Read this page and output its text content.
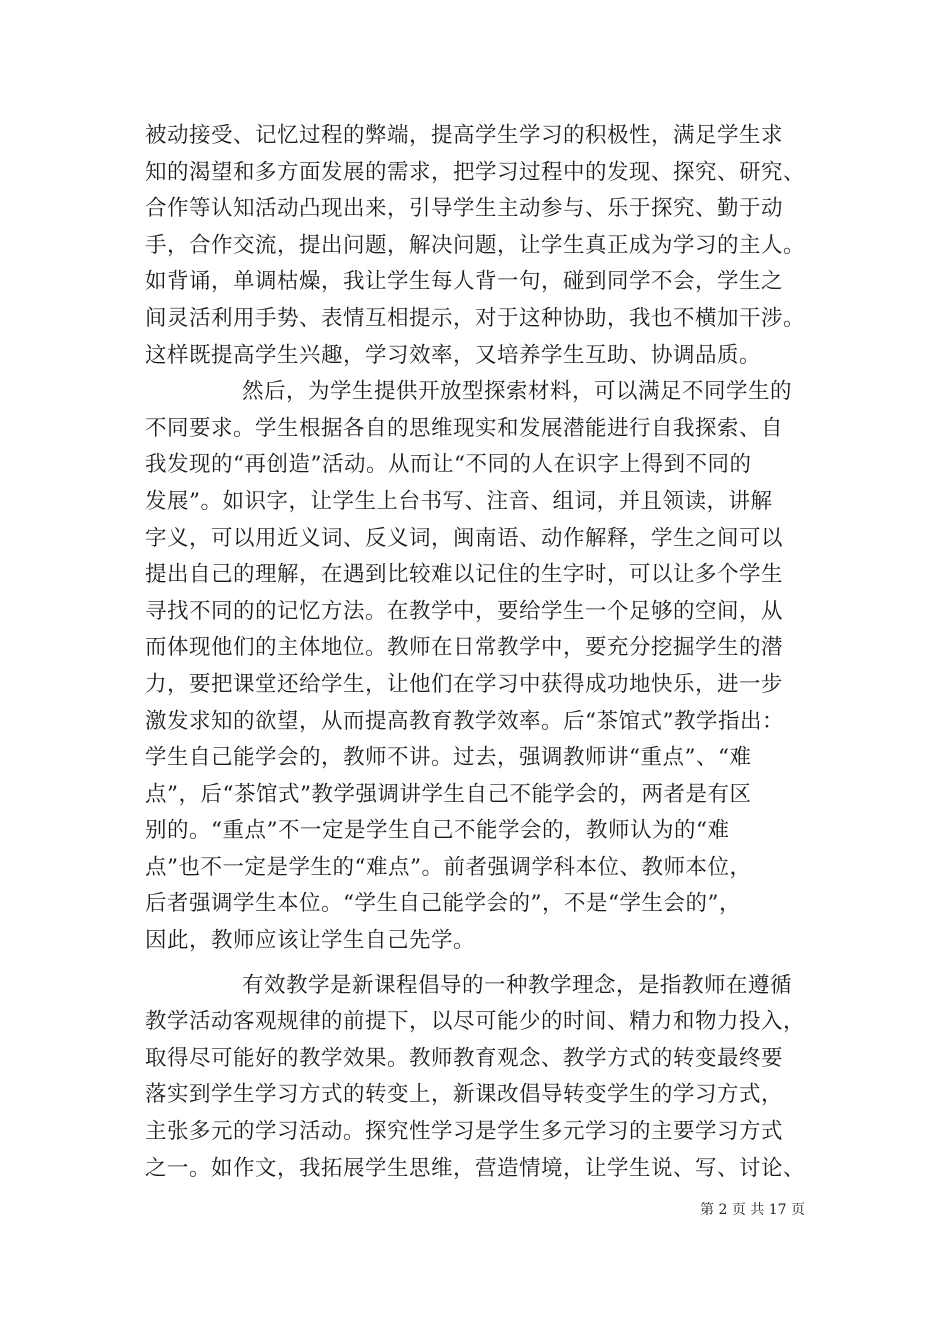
被动接受、记忆过程的弊端，提高学生学习的积极性，满足学生求
知的渴望和多方面发展的需求，把学习过程中的发现、探究、研究、
合作等认知活动凸现出来，引导学生主动参与、乐于探究、勤于动
手，合作交流，提出问题，解决问题，让学生真正成为学习的主人。
如背诵，单调枯燥，我让学生每人背一句，碰到同学不会，学生之
间灵活利用手势、表情互相提示，对于这种协助，我也不横加干涉。
这样既提高学生兴趣，学习效率，又培养学生互助、协调品质。
然后，为学生提供开放型探索材料，可以满足不同学生的
不同要求。学生根据各自的思维现实和发展潜能进行自我探索、自
我发现的“再创造”活动。从而让“不同的人在识字上得到不同的
发展”。如识字，让学生上台书写、注音、组词，并且领读，讲解
字义，可以用近义词、反义词，闽南语、动作解释，学生之间可以
提出自己的理解，在遇到比较难以记住的生字时，可以让多个学生
寻找不同的的记忆方法。在教学中，要给学生一个足够的空间，从
而体现他们的主体地位。教师在日常教学中，要充分挖掘学生的潜
力，要把课堂还给学生，让他们在学习中获得成功地快乐，进一步
激发求知的欲望，从而提高教育教学效率。后“茶馆式”教学指出：
学生自己能学会的，教师不讲。过去，强调教师讲“重点”、“难
点”，后“茶馆式”教学强调讲学生自己不能学会的，两者是有区
别的。“重点”不一定是学生自己不能学会的，教师认为的“难
点”也不一定是学生的“难点”。前者强调学科本位、教师本位，
后者强调学生本位。“学生自己能学会的”，不是“学生会的”，
因此，教师应该让学生自己先学。
有效教学是新课程倡导的一种教学理念，是指教师在遵循
教学活动客观规律的前提下，以尽可能少的时间、精力和物力投入，
取得尽可能好的教学效果。教师教育观念、教学方式的转变最终要
落实到学生学习方式的转变上，新课改倡导转变学生的学习方式，
主张多元的学习活动。探究性学习是学生多元学习的主要学习方式
之一。如作文，我拓展学生思维，营造情境，让学生说、写、讨论、
第 2 页 共 17 页
